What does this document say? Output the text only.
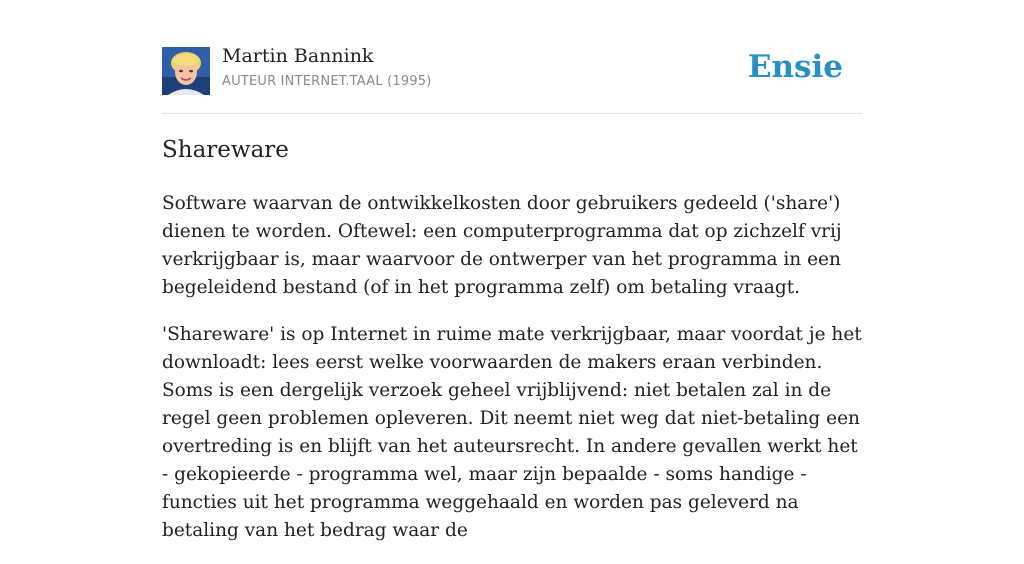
Martin Bannink
AUTEUR INTERNET.TAAL (1995)	Ensie
Shareware

Software waarvan de ontwikkelkosten door gebruikers gedeeld ('share') dienen te worden. Oftewel: een computerprogramma dat op zichzelf vrij verkrijgbaar is, maar waarvoor de ontwerper van het programma in een begeleidend bestand (of in het programma zelf) om betaling vraagt.

'Shareware' is op Internet in ruime mate verkrijgbaar, maar voordat je het downloadt: lees eerst welke voorwaarden de makers eraan verbinden. Soms is een dergelijk verzoek geheel vrijblijvend: niet betalen zal in de regel geen problemen opleveren. Dit neemt niet weg dat niet-betaling een overtreding is en blijft van het auteursrecht. In andere gevallen werkt het - gekopieerde - programma wel, maar zijn bepaalde - soms handige - functies uit het programma weggehaald en worden pas geleverd na betaling van het bedrag waar de
